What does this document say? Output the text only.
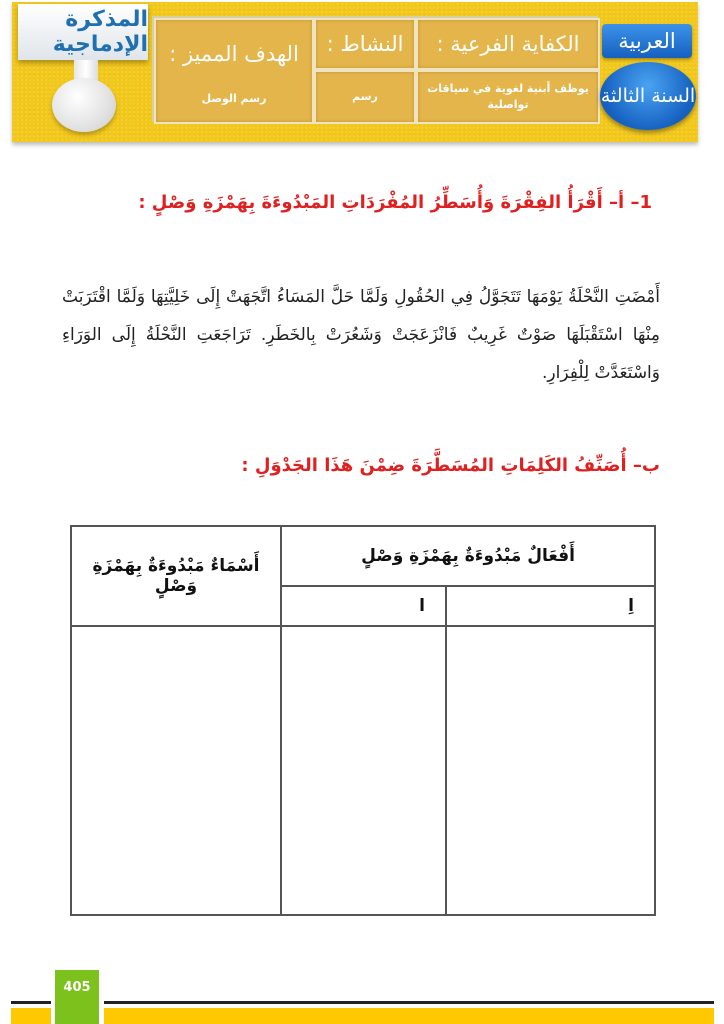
المذكرة الإدماجية الهدف المميز :
رسم الوصل
النشاط :	الكفاية الفرعية :
رسم
يوظف أبنية لغوية في سياقات تواصلية
العربية
السنة الثالثة
1– أ– أَقْرَأُ الفِقْرَةَ وَأُسَطِّرُ المُفْرَدَاتِ المَبْدُوءَةَ بِهَمْزَةِ وَصْلٍ :
أَمْضَتِ النَّحْلَةُ يَوْمَهَا تَتَجَوَّلُ فِي الحُقُولِ وَلَمَّا حَلَّ المَسَاءُ اتَّجَهَتْ إِلَى خَلِيَّتِهَا وَلَمَّا اقْتَرَبَتْ مِنْهَا اسْتَقْبَلَهَا صَوْتٌ غَرِيبٌ فَانْزَعَجَتْ وَشَعُرَتْ بِالخَطَرِ. تَرَاجَعَتِ النَّحْلَةُ إِلَى الوَرَاءِ وَاسْتَعَدَّتْ لِلْفِرَارِ.
ب– أُصَنِّفُ الكَلِمَاتِ المُسَطَّرَةَ ضِمْنَ هَذَا الجَدْوَلِ :
أَفْعَالٌ مَبْدُوءَةٌ بِهَمْزَةِ وَصْلٍ		أَسْمَاءٌ مَبْدُوءَةٌ بِهَمْزَةِ وَصْلٍ
اِ	ا	

405
